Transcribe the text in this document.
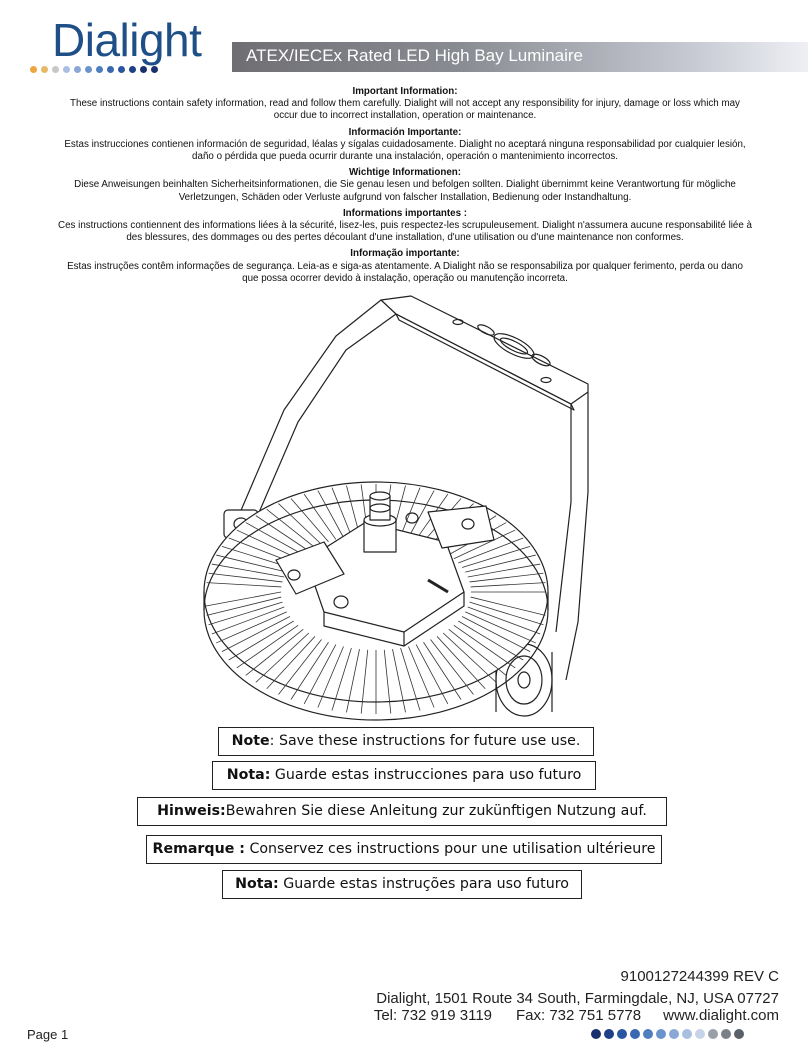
Dialight	ATEX/IECEx Rated LED High Bay Luminaire
Important Information:
These instructions contain safety information, read and follow them carefully. Dialight will not accept any responsibility for injury, damage or loss which may
occur due to incorrect installation, operation or maintenance.
Información Importante:
Estas instrucciones contienen información de seguridad, léalas y sígalas cuidadosamente. Dialight no aceptará ninguna responsabilidad por cualquier lesión,
daño o pérdida que pueda ocurrir durante una instalación, operación o mantenimiento incorrectos.
Wichtige Informationen:
Diese Anweisungen beinhalten Sicherheitsinformationen, die Sie genau lesen und befolgen sollten. Dialight übernimmt keine Verantwortung für mögliche
Verletzungen, Schäden oder Verluste aufgrund von falscher Installation, Bedienung oder Instandhaltung.
Informations importantes :
Ces instructions contiennent des informations liées à la sécurité, lisez-les, puis respectez-les scrupuleusement. Dialight n'assumera aucune responsabilité liée à
des blessures, des dommages ou des pertes découlant d'une installation, d'une utilisation ou d'une maintenance non conformes.
Informação importante:
Estas instruções contêm informações de segurança. Leia-as e siga-as atentamente. A Dialight não se responsabiliza por qualquer ferimento, perda ou dano
que possa ocorrer devido à instalação, operação ou manutenção incorreta.
Note: Save these instructions for future use use.
Nota: Guarde estas instrucciones para uso futuro
Hinweis:Bewahren Sie diese Anleitung zur zukünftigen Nutzung auf.
Remarque : Conservez ces instructions pour une utilisation ultérieure
Nota: Guarde estas instruções para uso futuro
9100127244399 REV C
Dialight, 1501 Route 34 South, Farmingdale, NJ, USA 07727
Tel: 732 919 3119 Fax: 732 751 5778 www.dialight.com
Page 1
